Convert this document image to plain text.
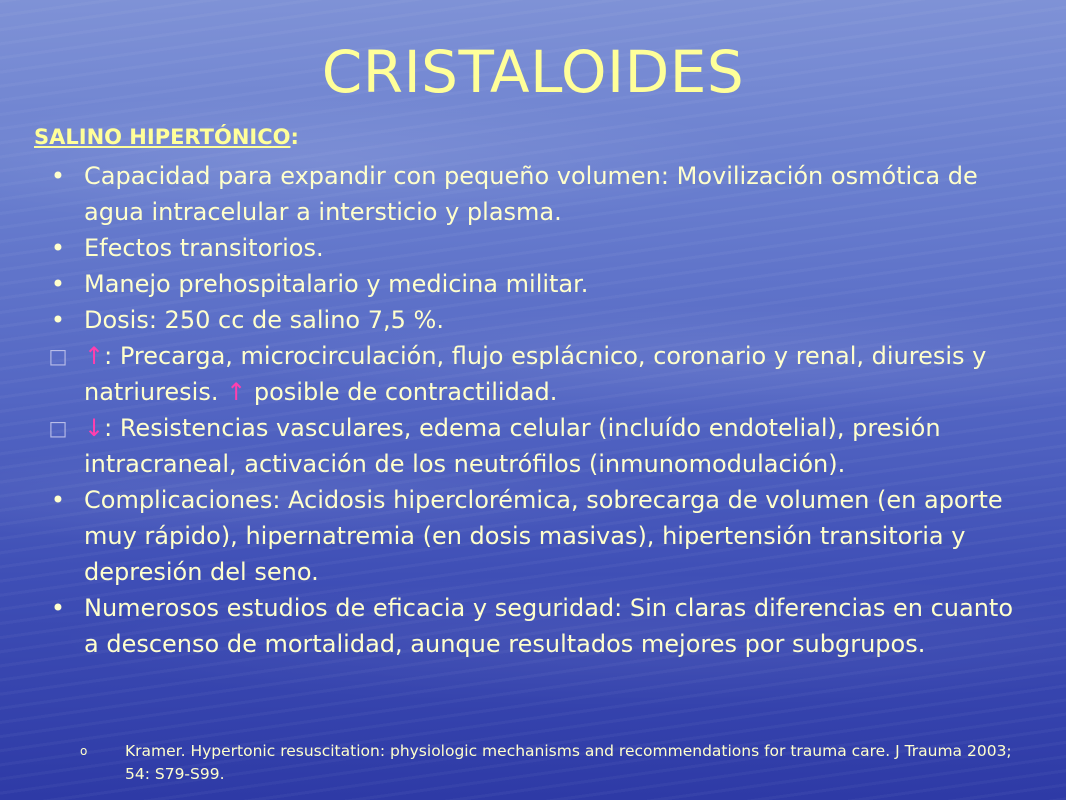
CRISTALOIDES
SALINO HIPERTÓNICO:
• Capacidad para expandir con pequeño volumen: Movilización osmótica de agua intracelular a intersticio y plasma.
• Efectos transitorios.
• Manejo prehospitalario y medicina militar.
• Dosis: 250 cc de salino 7,5 %.
□ ↑: Precarga, microcirculación, flujo esplácnico, coronario y renal, diuresis y natriuresis. ↑ posible de contractilidad.
□ ↓: Resistencias vasculares, edema celular (incluído endotelial), presión intracraneal, activación de los neutrófilos (inmunomodulación).
• Complicaciones: Acidosis hiperclorémica, sobrecarga de volumen (en aporte muy rápido), hipernatremia (en dosis masivas), hipertensión transitoria y depresión del seno.
• Numerosos estudios de eficacia y seguridad: Sin claras diferencias en cuanto a descenso de mortalidad, aunque resultados mejores por subgrupos.
o Kramer. Hypertonic resuscitation: physiologic mechanisms and recommendations for trauma care. J Trauma 2003; 54: S79-S99.
